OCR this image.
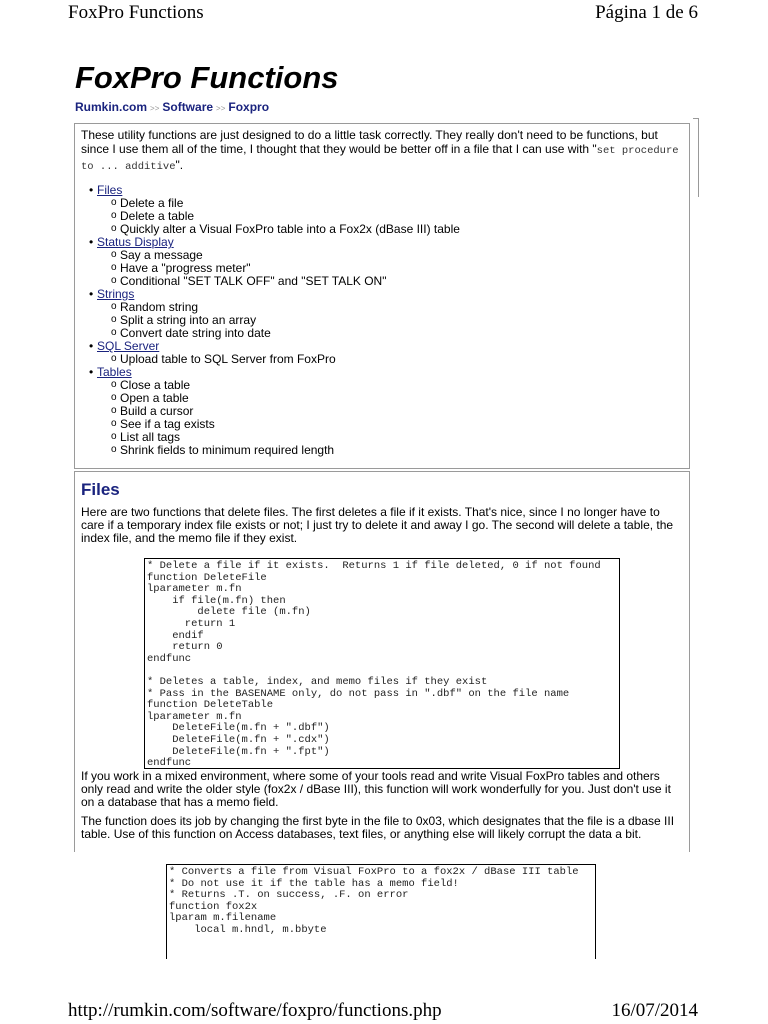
FoxPro Functions	Página 1 de 6
FoxPro Functions
Rumkin.com >> Software >> Foxpro

These utility functions are just designed to do a little task correctly. They really don't need to be functions, but since I use them all of the time, I thought that they would be better off in a file that I can use with "set procedure to ... additive".

• Files
o Delete a file
o Delete a table
o Quickly alter a Visual FoxPro table into a Fox2x (dBase III) table
• Status Display
o Say a message
o Have a "progress meter"
o Conditional "SET TALK OFF" and "SET TALK ON"
• Strings
o Random string
o Split a string into an array
o Convert date string into date
• SQL Server
o Upload table to SQL Server from FoxPro
• Tables
o Close a table
o Open a table
o Build a cursor
o See if a tag exists
o List all tags
o Shrink fields to minimum required length
Files

Here are two functions that delete files. The first deletes a file if it exists. That's nice, since I no longer have to care if a temporary index file exists or not; I just try to delete it and away I go. The second will delete a table, the index file, and the memo file if they exist.

If you work in a mixed environment, where some of your tools read and write Visual FoxPro tables and others only read and write the older style (fox2x / dBase III), this function will work wonderfully for you. Just don't use it on a database that has a memo field.

The function does its job by changing the first byte in the file to 0x03, which designates that the file is a dbase III table. Use of this function on Access databases, text files, or anything else will likely corrupt the data a bit.

* Delete a file if it exists.  Returns 1 if file deleted, 0 if not found
function DeleteFile
lparameter m.fn
if file(m.fn) then
delete file (m.fn)
return 1
endif
return 0
endfunc

* Deletes a table, index, and memo files if they exist
* Pass in the BASENAME only, do not pass in ".dbf" on the file name
function DeleteTable
lparameter m.fn
DeleteFile(m.fn + ".dbf")
DeleteFile(m.fn + ".cdx")
DeleteFile(m.fn + ".fpt")
endfunc
* Converts a file from Visual FoxPro to a fox2x / dBase III table
* Do not use it if the table has a memo field!
* Returns .T. on success, .F. on error
function fox2x
lparam m.filename
local m.hndl, m.bbyte
http://rumkin.com/software/foxpro/functions.php	16/07/2014
